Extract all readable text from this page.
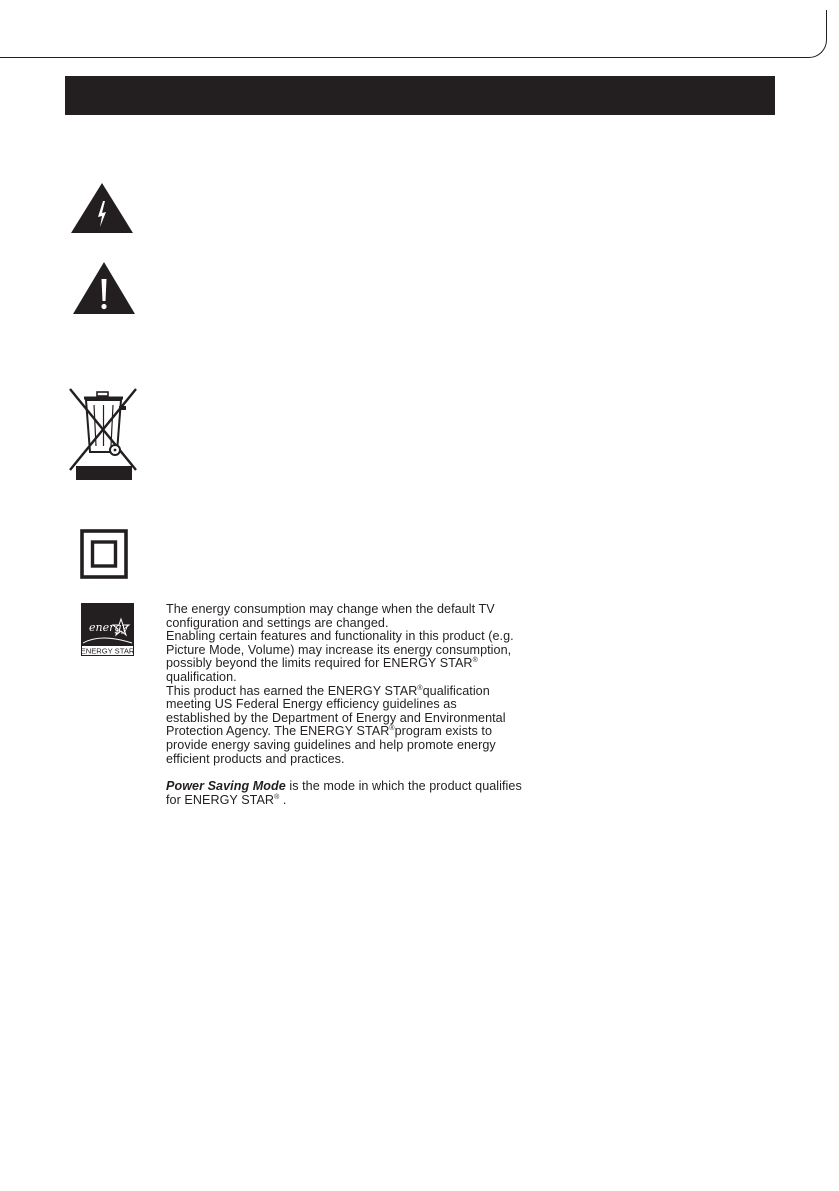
energy
ENERGY STAR
The energy consumption may change when the default TV
configuration and settings are changed.
Enabling certain features and functionality in this product (e.g.
Picture Mode, Volume) may increase its energy consumption,
possibly beyond the limits required for ENERGY STAR®
qualification.
This product has earned the ENERGY STAR®qualification
meeting US Federal Energy efficiency guidelines as
established by the Department of Energy and Environmental
Protection Agency. The ENERGY STAR®program exists to
provide energy saving guidelines and help promote energy
efficient products and practices.
Power Saving Mode is the mode in which the product qualifies
for ENERGY STAR® .
